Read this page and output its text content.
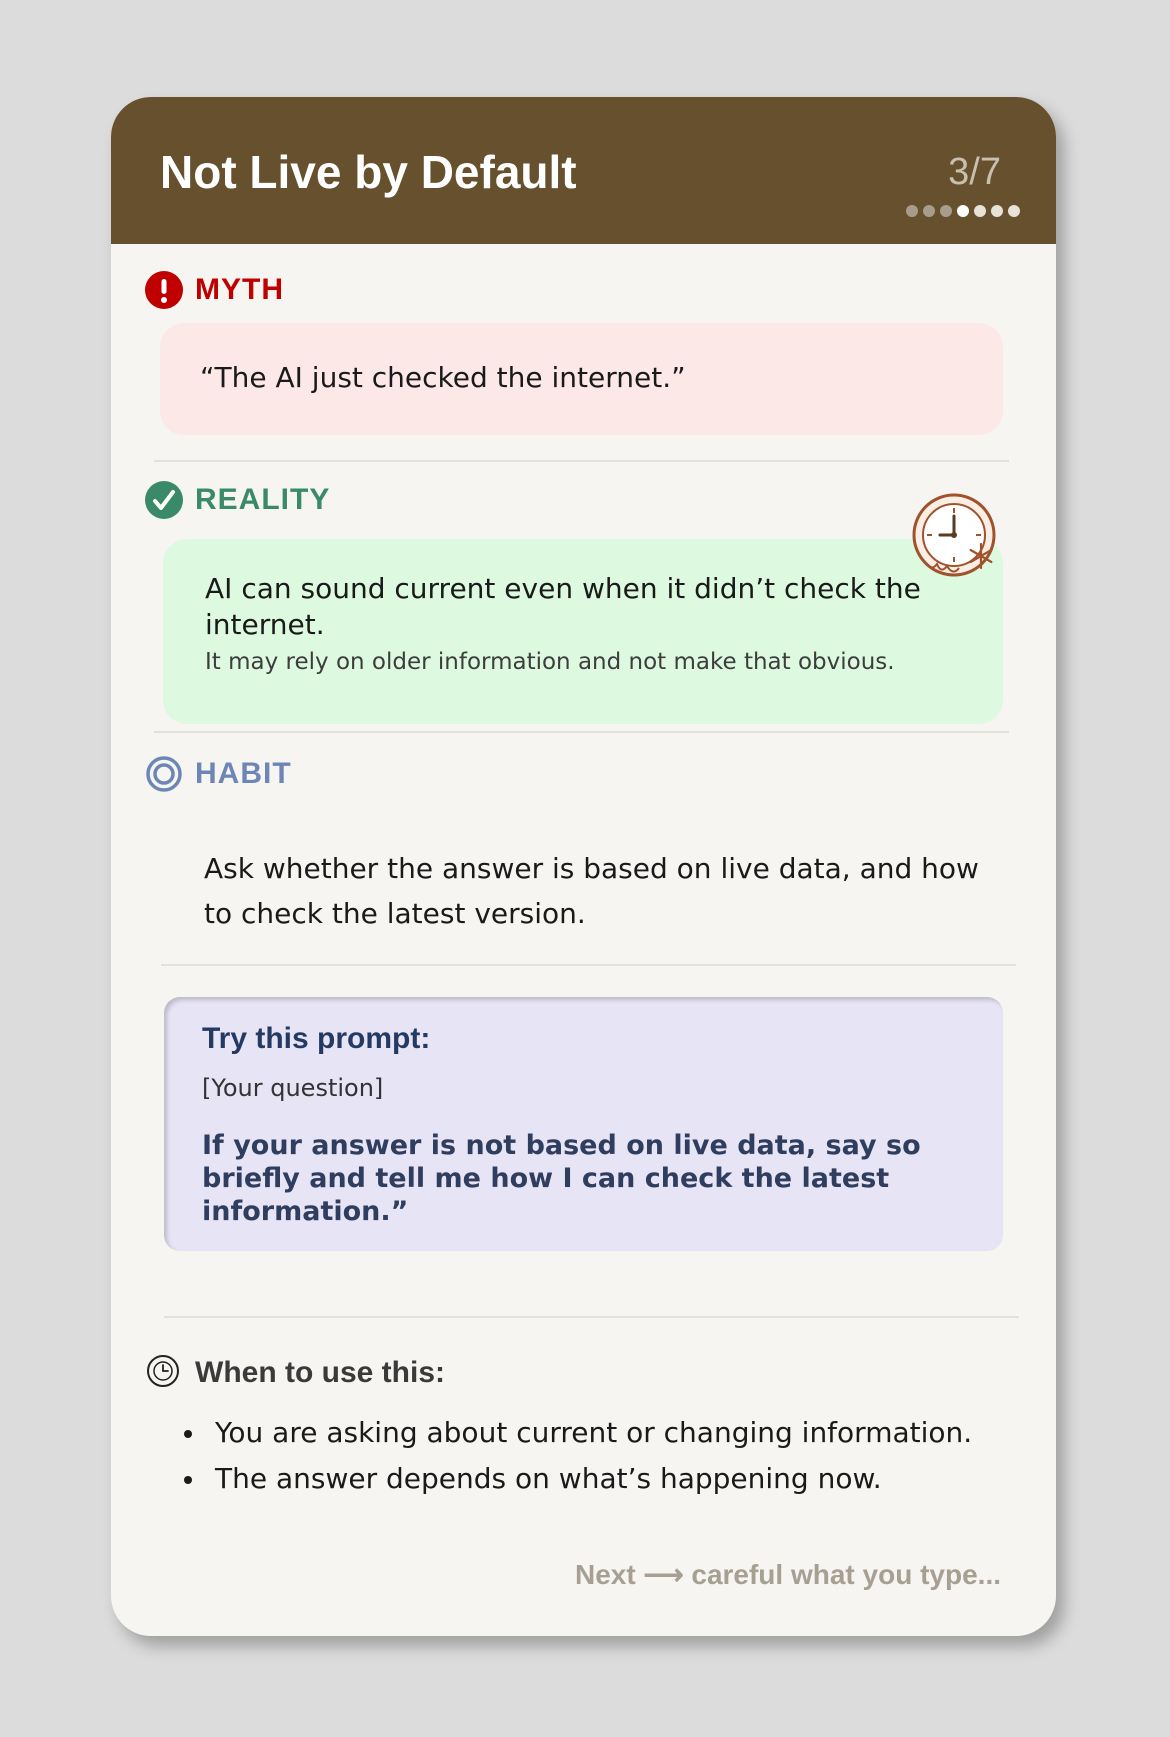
Not Live by Default	3/7
MYTH
“The AI just checked the internet.”
REALITY
AI can sound current even when it didn’t check the internet.
It may rely on older information and not make that obvious.
HABIT
Ask whether the answer is based on live data, and how to check the latest version.
Try this prompt:
[Your question]
If your answer is not based on live data, say so briefly and tell me how I can check the latest information.”
When to use this:
You are asking about current or changing information.
The answer depends on what’s happening now.
Next ⟶ careful what you type...
